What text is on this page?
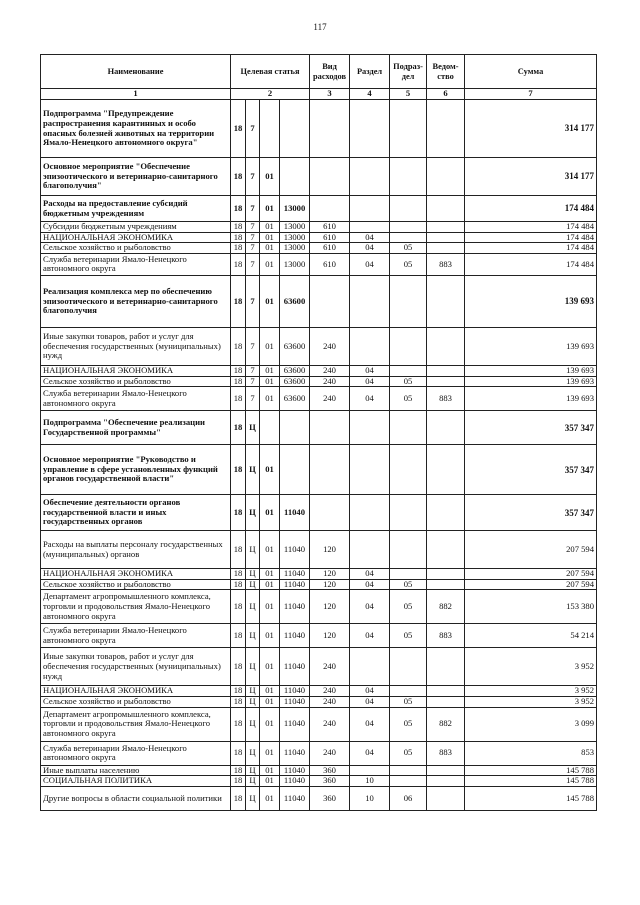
117
Наименование	Целевая статья				Вид расходов	Раздел	Подраз-дел	Ведом-ство	Сумма
1	2				3	4	5	6	7
Подпрограмма "Предупреждение распространения карантинных и особо опасных болезней животных на территории Ямало-Ненецкого автономного округа"	18	7							314 177
Основное мероприятие "Обеспечение эпизоотического и ветеринарно-санитарного благополучия"	18	7	01						314 177
Расходы на предоставление субсидий бюджетным учреждениям	18	7	01	13000					174 484
Субсидии бюджетным учреждениям	18	7	01	13000	610				174 484
НАЦИОНАЛЬНАЯ ЭКОНОМИКА	18	7	01	13000	610	04			174 484
Сельское хозяйство и рыболовство	18	7	01	13000	610	04	05		174 484
Служба ветеринарии Ямало-Ненецкого автономного округа	18	7	01	13000	610	04	05	883	174 484
Реализация комплекса мер по обеспечению эпизоотического и ветеринарно-санитарного благополучия	18	7	01	63600					139 693
Иные закупки товаров, работ и услуг для обеспечения государственных (муниципальных) нужд	18	7	01	63600	240				139 693
НАЦИОНАЛЬНАЯ ЭКОНОМИКА	18	7	01	63600	240	04			139 693
Сельское хозяйство и рыболовство	18	7	01	63600	240	04	05		139 693
Служба ветеринарии Ямало-Ненецкого автономного округа	18	7	01	63600	240	04	05	883	139 693
Подпрограмма "Обеспечение реализации Государственной программы"	18	Ц							357 347
Основное мероприятие "Руководство и управление в сфере установленных функций органов государственной власти"	18	Ц	01						357 347
Обеспечение деятельности органов государственной власти и иных государственных органов	18	Ц	01	11040					357 347
Расходы на выплаты персоналу государственных (муниципальных) органов	18	Ц	01	11040	120				207 594
НАЦИОНАЛЬНАЯ ЭКОНОМИКА	18	Ц	01	11040	120	04			207 594
Сельское хозяйство и рыболовство	18	Ц	01	11040	120	04	05		207 594
Департамент агропромышленного комплекса, торговли и продовольствия Ямало-Ненецкого автономного округа	18	Ц	01	11040	120	04	05	882	153 380
Служба ветеринарии Ямало-Ненецкого автономного округа	18	Ц	01	11040	120	04	05	883	54 214
Иные закупки товаров, работ и услуг для обеспечения государственных (муниципальных) нужд	18	Ц	01	11040	240				3 952
НАЦИОНАЛЬНАЯ ЭКОНОМИКА	18	Ц	01	11040	240	04			3 952
Сельское хозяйство и рыболовство	18	Ц	01	11040	240	04	05		3 952
Департамент агропромышленного комплекса, торговли и продовольствия Ямало-Ненецкого автономного округа	18	Ц	01	11040	240	04	05	882	3 099
Служба ветеринарии Ямало-Ненецкого автономного округа	18	Ц	01	11040	240	04	05	883	853
Иные выплаты населению	18	Ц	01	11040	360				145 788
СОЦИАЛЬНАЯ ПОЛИТИКА	18	Ц	01	11040	360	10			145 788
Другие вопросы в области социальной политики	18	Ц	01	11040	360	10	06		145 788
